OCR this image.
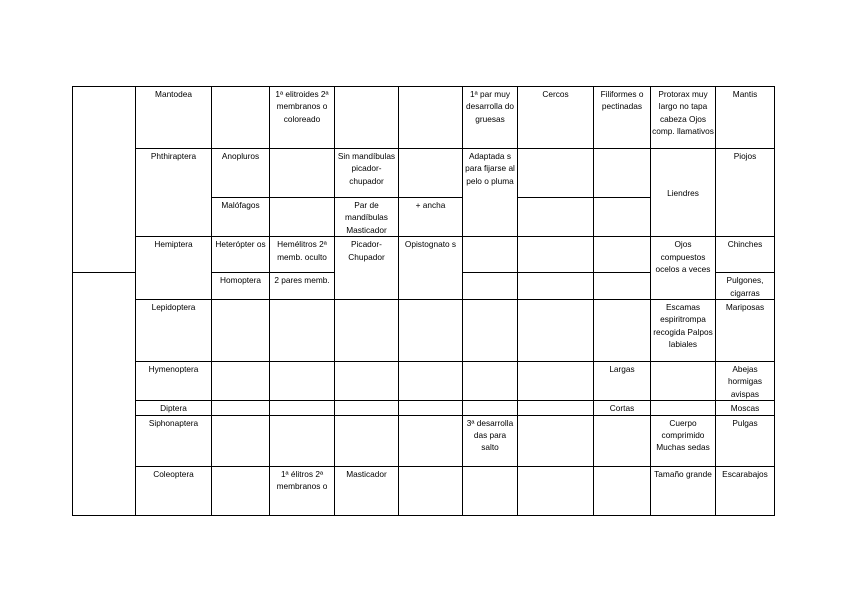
	Mantodea		1ª elitroides 2ª membranos o coloreado			1ª par muy desarrolla do gruesas	Cercos	Filiformes o pectinadas	Protorax muy largo no tapa cabeza Ojos comp. llamativos	Mantis
	Phthiraptera	Anopluros		Sin mandíbulas picador-chupador		Adaptada s para fijarse al pelo o pluma			Liendres	Piojos
		Malófagos		Par de mandíbulas Masticador	+ ancha					
	Hemiptera	Heterópter os	Hemélitros 2ª memb. oculto	Picador-Chupador	Opistognato s				Ojos compuestos ocelos a veces	Chinches
		Homoptera	2 pares memb.							Pulgones, cigarras
	Lepidoptera								Escamas espiritrompa recogida Palpos labiales	Mariposas
	Hymenoptera							Largas		Abejas hormigas avispas
	Diptera							Cortas		Moscas
	Siphonaptera					3ª desarrolla das para salto			Cuerpo comprimido Muchas sedas	Pulgas
	Coleoptera		1ª élitros 2ª membranos o	Masticador					Tamaño grande	Escarabajos
